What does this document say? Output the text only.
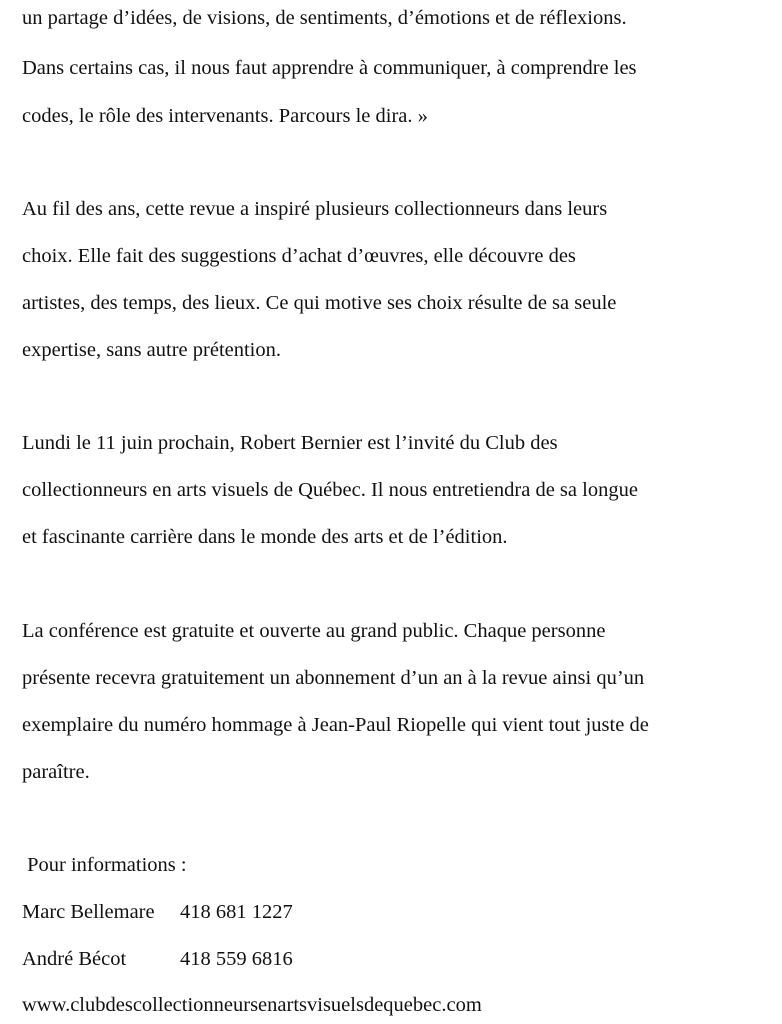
un partage d’idées, de visions, de sentiments, d’émotions et de réflexions.

Dans certains cas, il nous faut apprendre à communiquer, à comprendre les

codes, le rôle des intervenants. Parcours le dira. »

Au fil des ans, cette revue a inspiré plusieurs collectionneurs dans leurs

choix. Elle fait des suggestions d’achat d’œuvres, elle découvre des

artistes, des temps, des lieux. Ce qui motive ses choix résulte de sa seule

expertise, sans autre prétention.

Lundi le 11 juin prochain, Robert Bernier est l’invité du Club des

collectionneurs en arts visuels de Québec. Il nous entretiendra de sa longue

et fascinante carrière dans le monde des arts et de l’édition.

La conférence est gratuite et ouverte au grand public. Chaque personne

présente recevra gratuitement un abonnement d’un an à la revue ainsi qu’un

exemplaire du numéro hommage à Jean-Paul Riopelle qui vient tout juste de

paraître.

Pour informations :

Marc Bellemare 418 681 1227

André Bécot	418 559 6816

www.clubdescollectionneursenartsvisuelsdequebec.com
